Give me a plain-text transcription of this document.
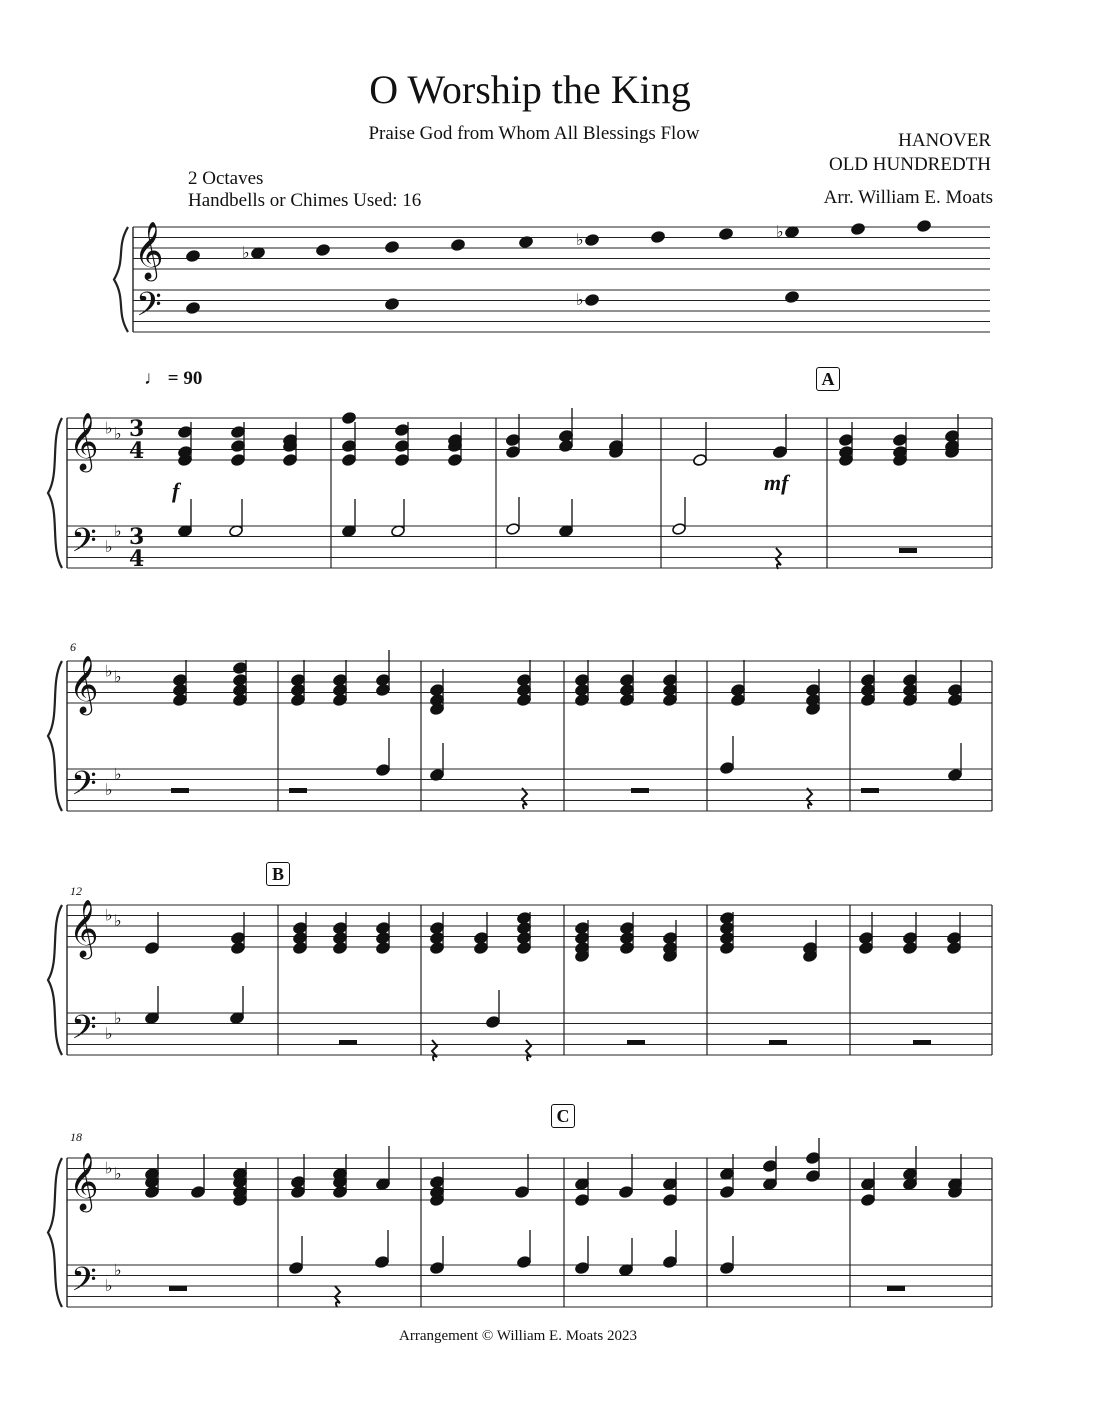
O Worship the King
Praise God from Whom All Blessings Flow	HANOVER
OLD HUNDREDTH
Arr. William E. Moats
2 Octaves
Handbells or Chimes Used: 16
♩ = 90	A
B
C
6
12
18
f	mf
Arrangement © William E. Moats 2023
𝄞
𝄢
♭
♭	♭
♭
𝄞
𝄢
♭ ♭
♭
♭
3
4
3
4
𝄞
𝄢
♭ ♭
♭
♭
𝄞
𝄢
♭ ♭
♭
♭
𝄞
𝄢
♭ ♭
♭
♭
